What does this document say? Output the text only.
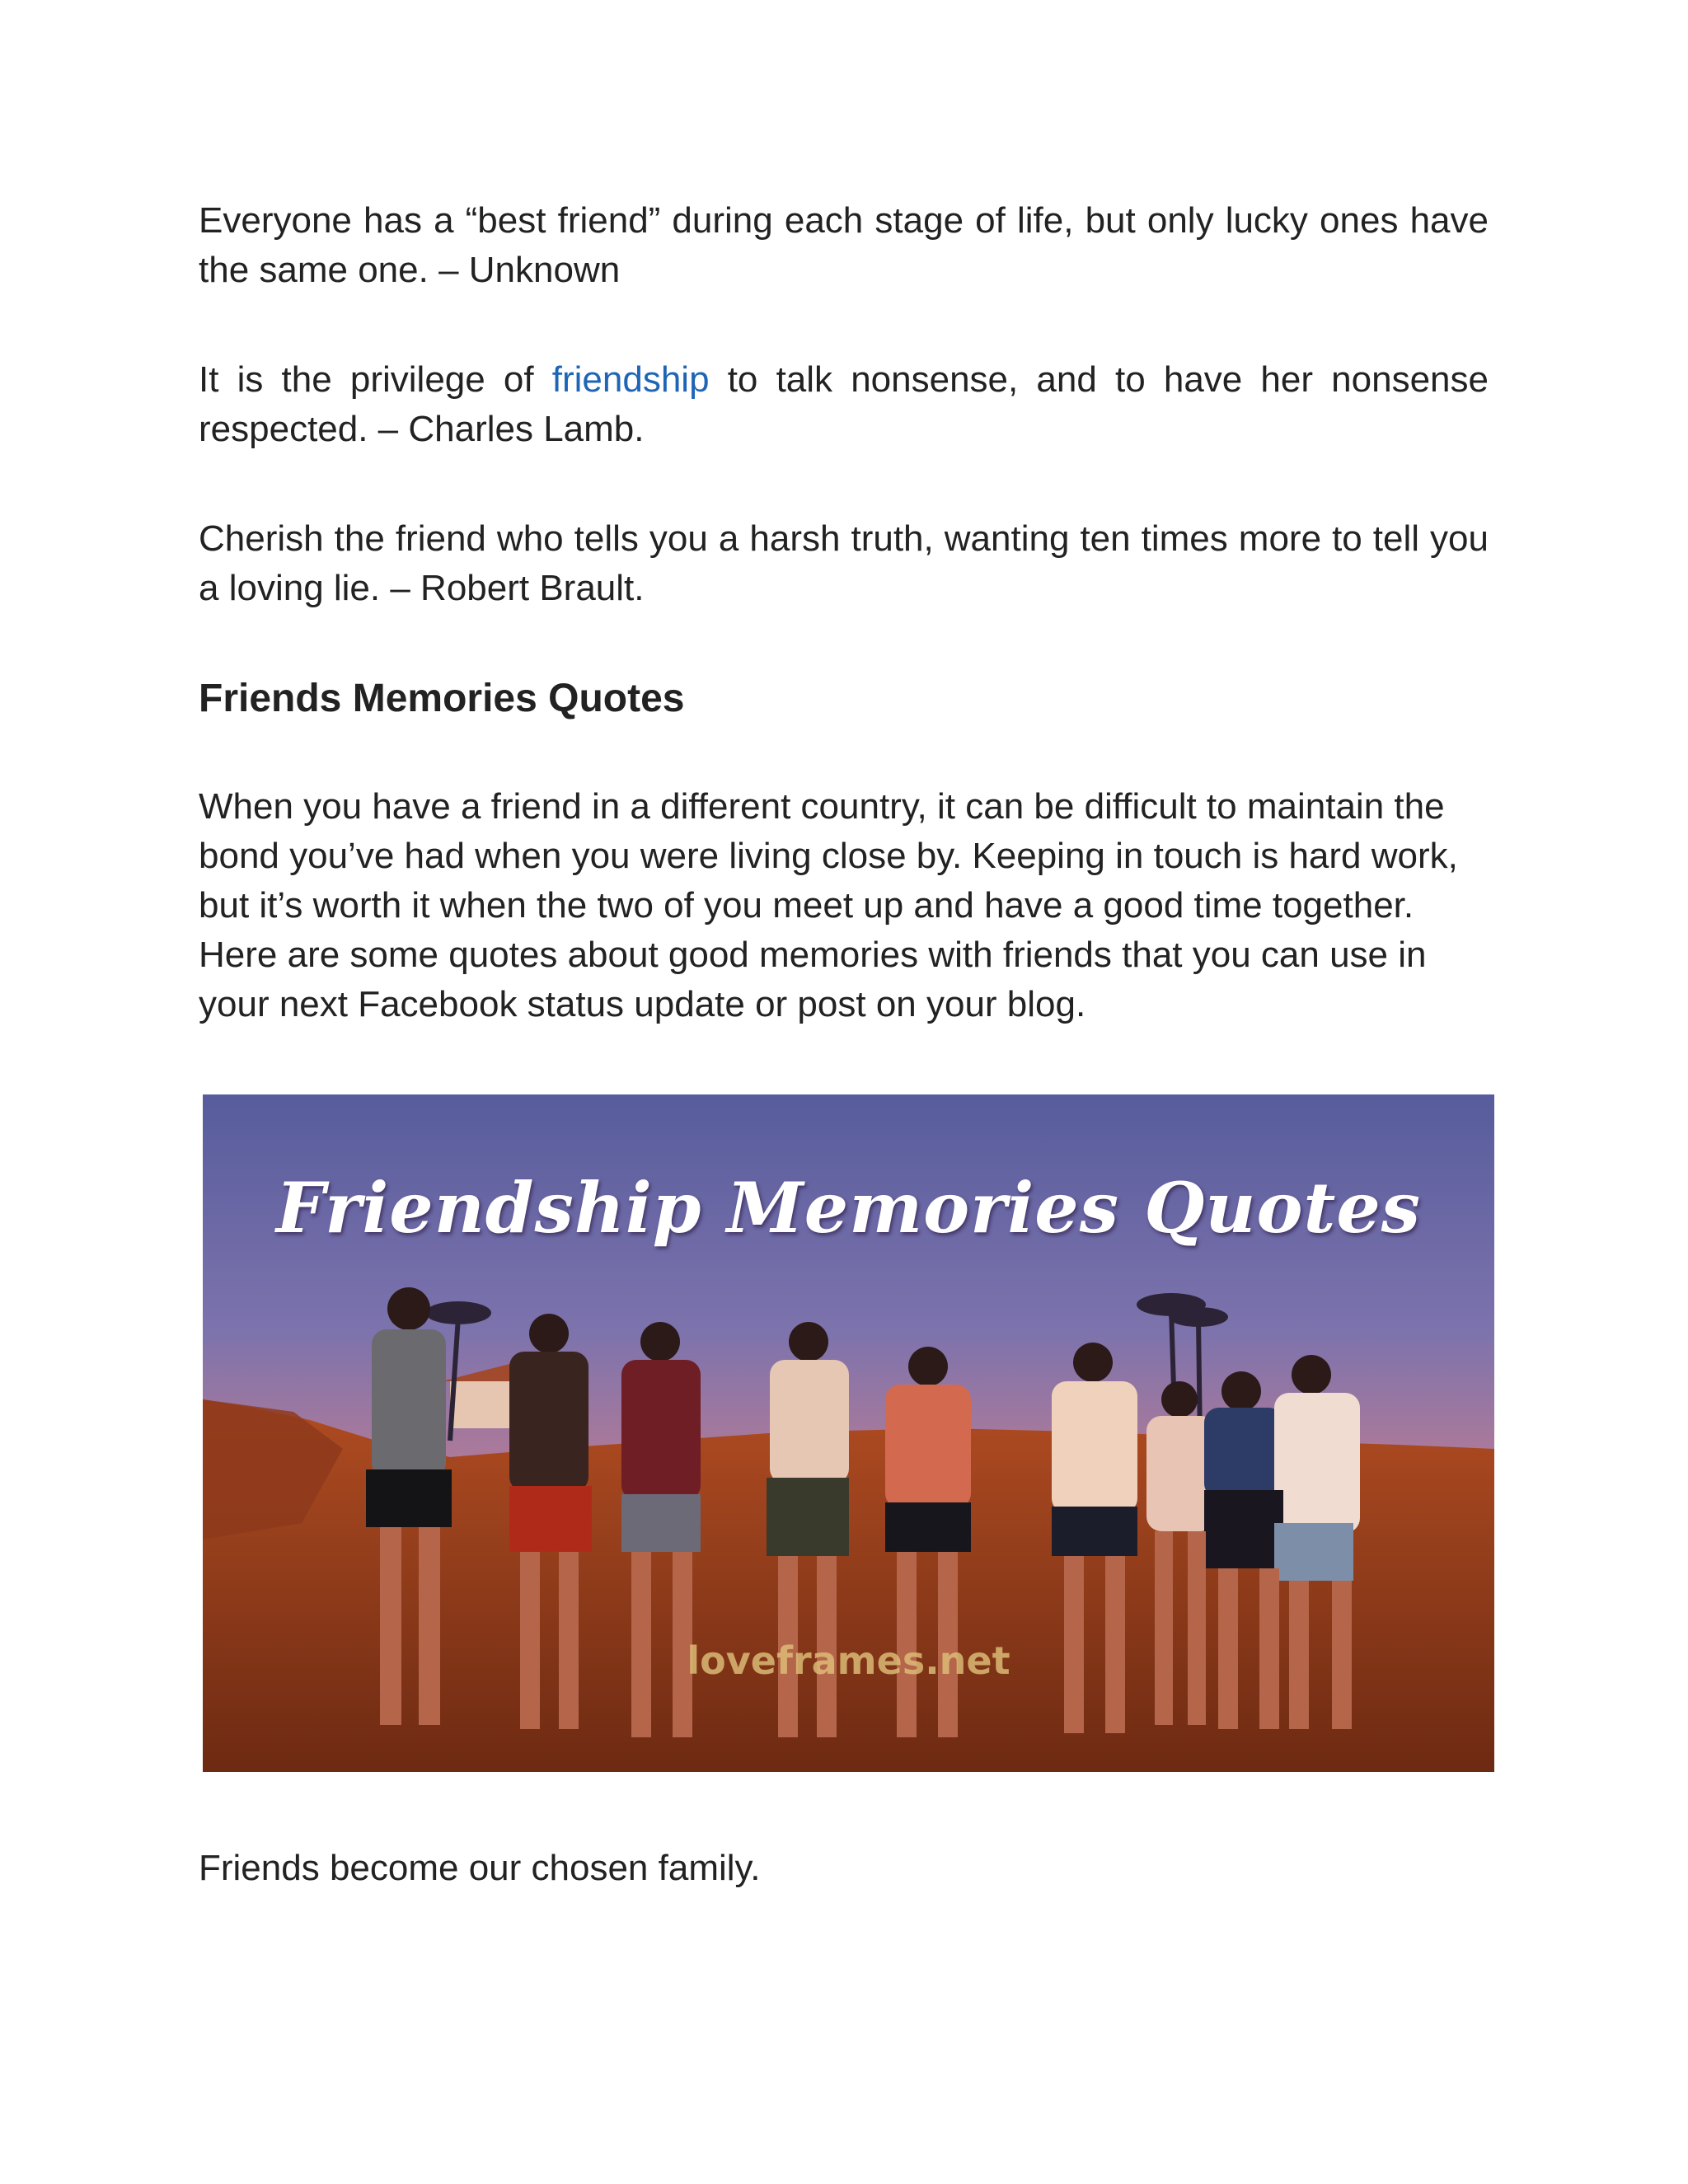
Everyone has a “best friend” during each stage of life, but only lucky ones have the same one. – Unknown

It is the privilege of friendship to talk nonsense, and to have her nonsense respected. – Charles Lamb.

Cherish the friend who tells you a harsh truth, wanting ten times more to tell you a loving lie. – Robert Brault.

Friends Memories Quotes

When you have a friend in a different country, it can be difficult to maintain the bond you’ve had when you were living close by. Keeping in touch is hard work, but it’s worth it when the two of you meet up and have a good time together. Here are some quotes about good memories with friends that you can use in your next Facebook status update or post on your blog.

Friendship Memories Quotes
loveframes.net

Friends become our chosen family.
